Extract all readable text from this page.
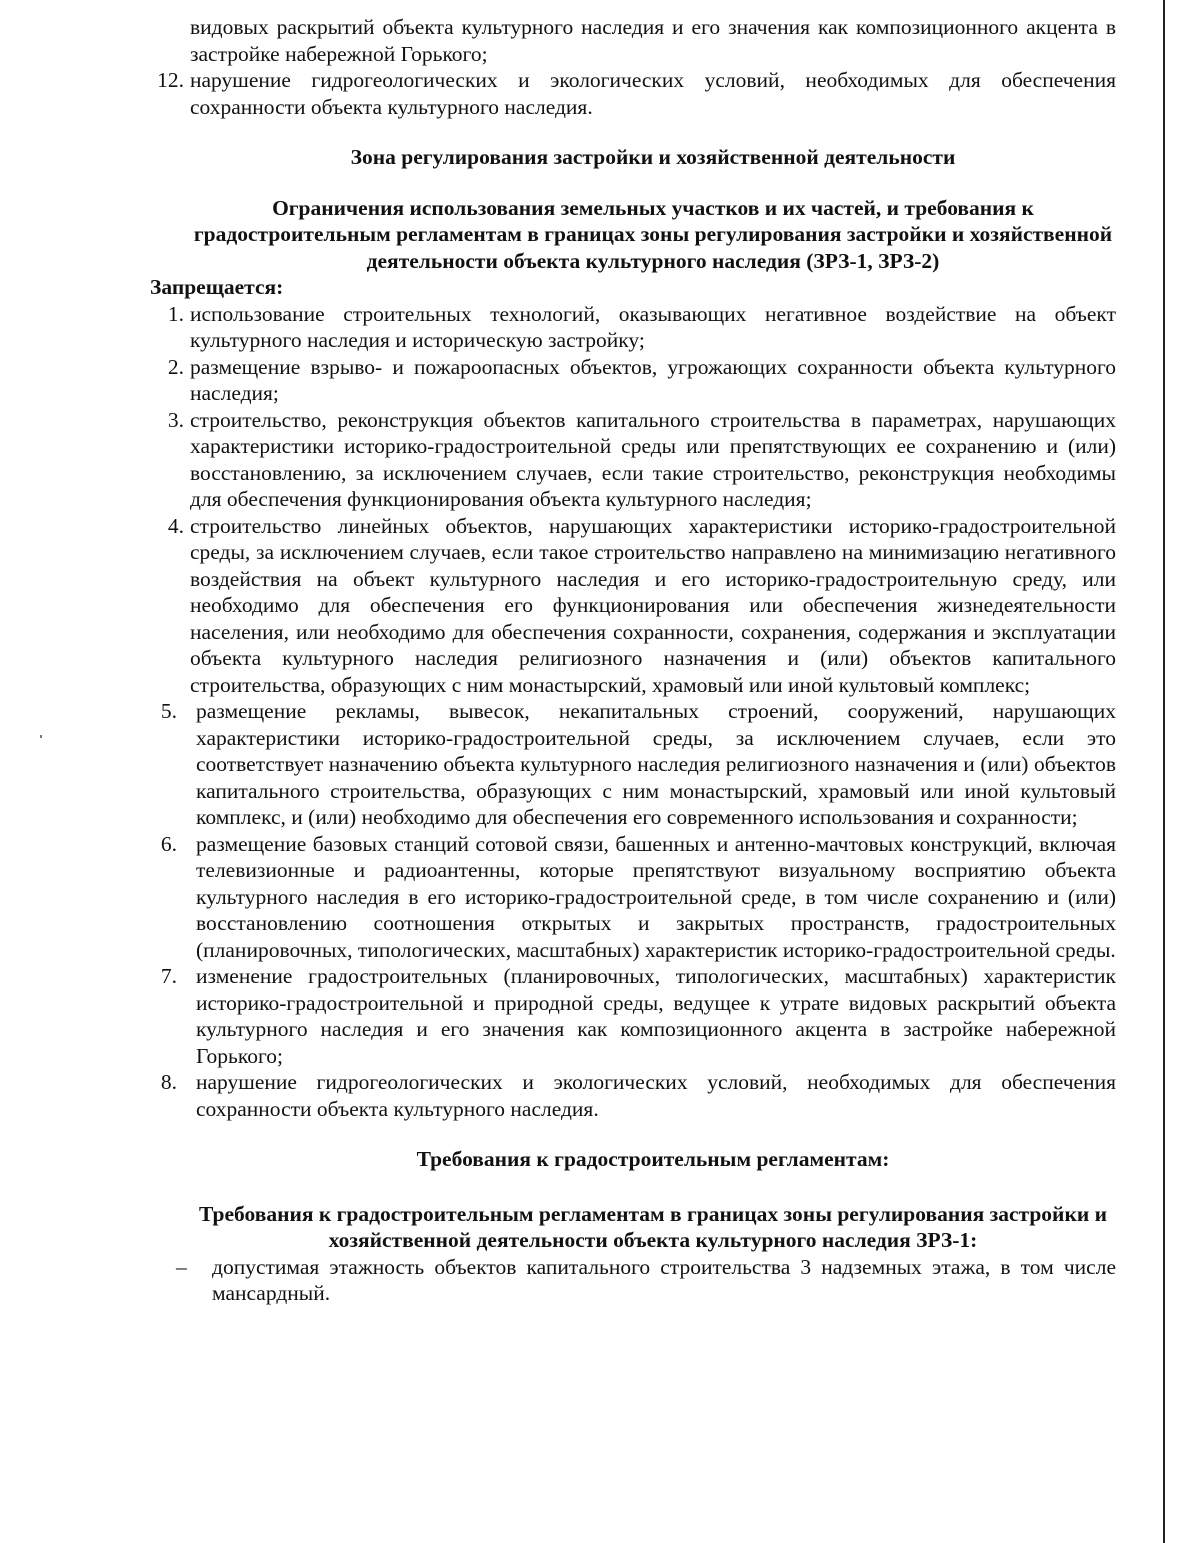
видовых раскрытий объекта культурного наследия и его значения как композиционного акцента в застройке набережной Горького;
12. нарушение гидрогеологических и экологических условий, необходимых для обеспечения сохранности объекта культурного наследия.
Зона регулирования застройки и хозяйственной деятельности
Ограничения использования земельных участков и их частей, и требования к градостроительным регламентам в границах зоны регулирования застройки и хозяйственной деятельности объекта культурного наследия (ЗРЗ-1, ЗРЗ-2)
Запрещается:
1. использование строительных технологий, оказывающих негативное воздействие на объект культурного наследия и историческую застройку;
2. размещение взрыво- и пожароопасных объектов, угрожающих сохранности объекта культурного наследия;
3. строительство, реконструкция объектов капитального строительства в параметрах, нарушающих характеристики историко-градостроительной среды или препятствующих ее сохранению и (или) восстановлению, за исключением случаев, если такие строительство, реконструкция необходимы для обеспечения функционирования объекта культурного наследия;
4. строительство линейных объектов, нарушающих характеристики историко-градостроительной среды, за исключением случаев, если такое строительство направлено на минимизацию негативного воздействия на объект культурного наследия и его историко-градостроительную среду, или необходимо для обеспечения его функционирования или обеспечения жизнедеятельности населения, или необходимо для обеспечения сохранности, сохранения, содержания и эксплуатации объекта культурного наследия религиозного назначения и (или) объектов капитального строительства, образующих с ним монастырский, храмовый или иной культовый комплекс;
5. размещение рекламы, вывесок, некапитальных строений, сооружений, нарушающих характеристики историко-градостроительной среды, за исключением случаев, если это соответствует назначению объекта культурного наследия религиозного назначения и (или) объектов капитального строительства, образующих с ним монастырский, храмовый или иной культовый комплекс, и (или) необходимо для обеспечения его современного использования и сохранности;
6. размещение базовых станций сотовой связи, башенных и антенно-мачтовых конструкций, включая телевизионные и радиоантенны, которые препятствуют визуальному восприятию объекта культурного наследия в его историко-градостроительной среде, в том числе сохранению и (или) восстановлению соотношения открытых и закрытых пространств, градостроительных (планировочных, типологических, масштабных) характеристик историко-градостроительной среды.
7. изменение градостроительных (планировочных, типологических, масштабных) характеристик историко-градостроительной и природной среды, ведущее к утрате видовых раскрытий объекта культурного наследия и его значения как композиционного акцента в застройке набережной Горького;
8. нарушение гидрогеологических и экологических условий, необходимых для обеспечения сохранности объекта культурного наследия.
Требования к градостроительным регламентам:
Требования к градостроительным регламентам в границах зоны регулирования застройки и хозяйственной деятельности объекта культурного наследия ЗРЗ-1:
– допустимая этажность объектов капитального строительства 3 надземных этажа, в том числе мансардный.
